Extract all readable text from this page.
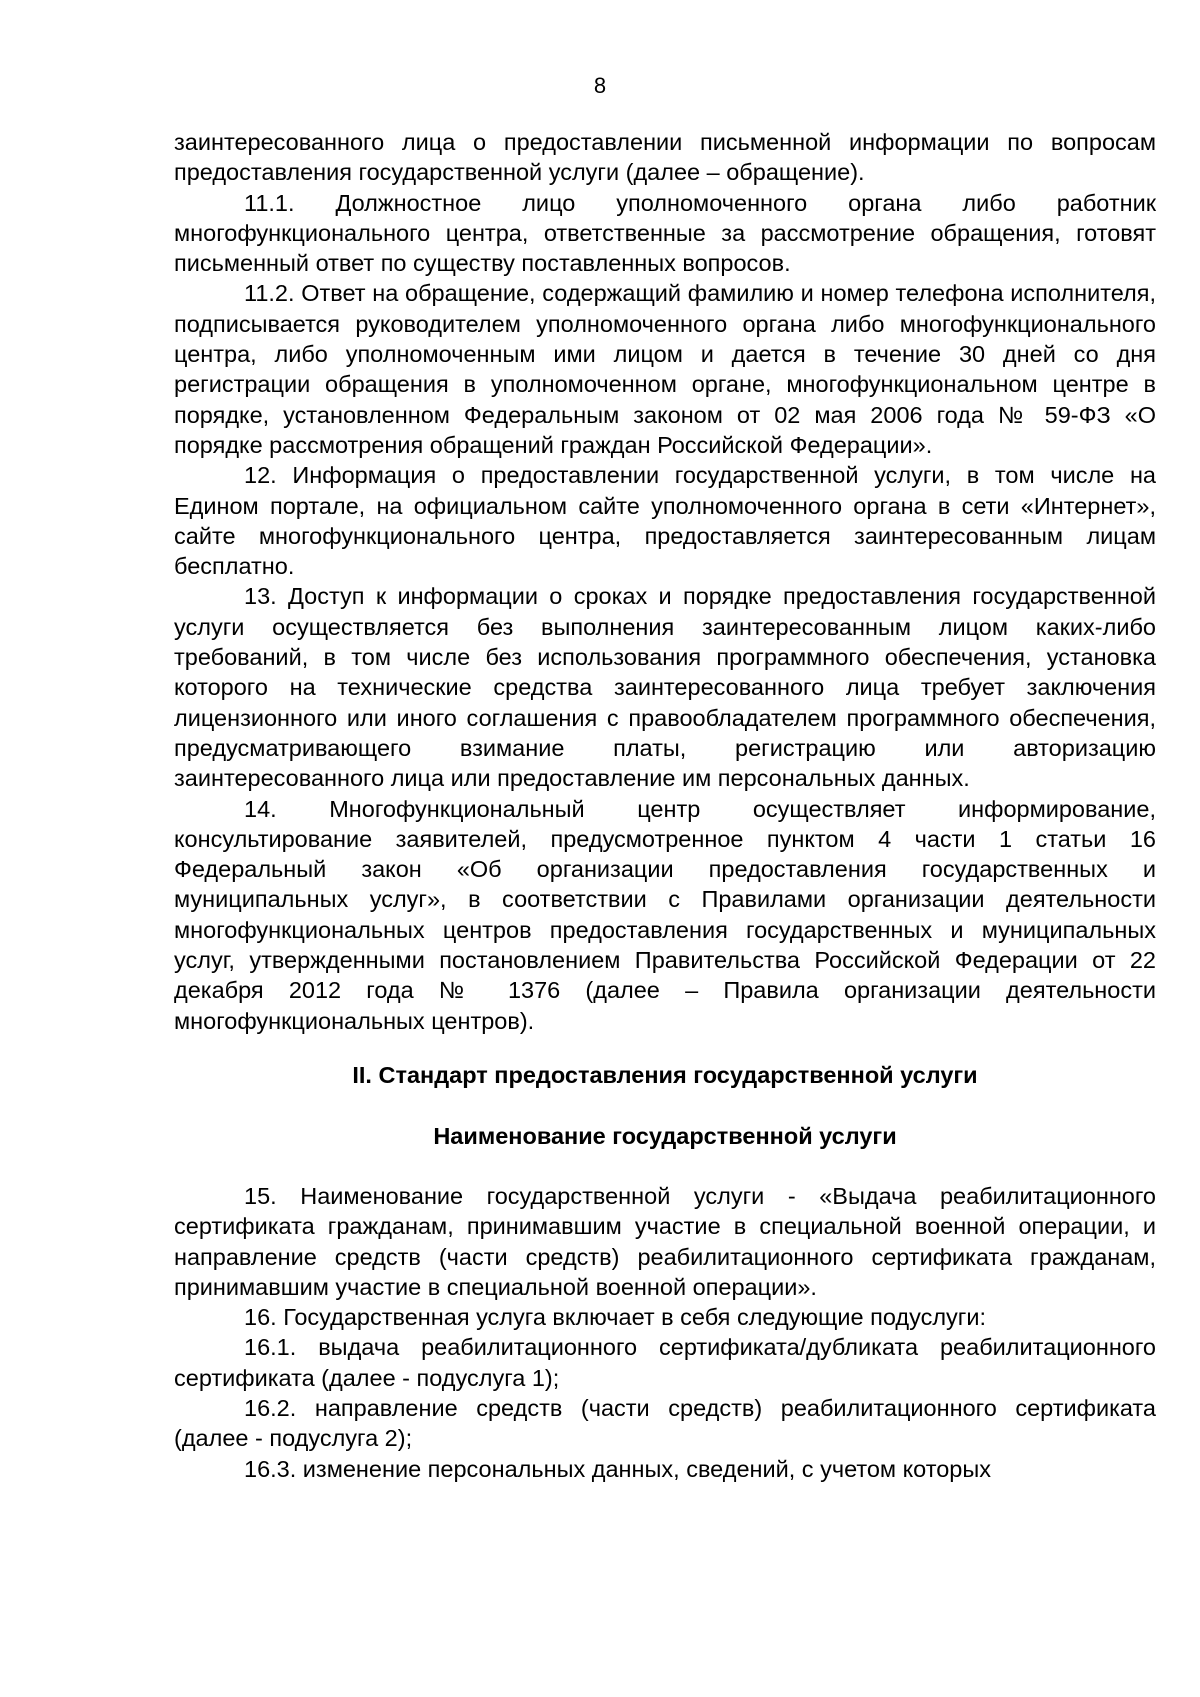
8

заинтересованного лица о предоставлении письменной информации по вопросам предоставления государственной услуги (далее – обращение).

11.1. Должностное лицо уполномоченного органа либо работник многофункционального центра, ответственные за рассмотрение обращения, готовят письменный ответ по существу поставленных вопросов.

11.2. Ответ на обращение, содержащий фамилию и номер телефона исполнителя, подписывается руководителем уполномоченного органа либо многофункционального центра, либо уполномоченным ими лицом и дается в течение 30 дней со дня регистрации обращения в уполномоченном органе, многофункциональном центре в порядке, установленном Федеральным законом от 02 мая 2006 года № 59-ФЗ «О порядке рассмотрения обращений граждан Российской Федерации».

12. Информация о предоставлении государственной услуги, в том числе на Едином портале, на официальном сайте уполномоченного органа в сети «Интернет», сайте многофункционального центра, предоставляется заинтересованным лицам бесплатно.

13. Доступ к информации о сроках и порядке предоставления государственной услуги осуществляется без выполнения заинтересованным лицом каких-либо требований, в том числе без использования программного обеспечения, установка которого на технические средства заинтересованного лица требует заключения лицензионного или иного соглашения с правообладателем программного обеспечения, предусматривающего взимание платы, регистрацию или авторизацию заинтересованного лица или предоставление им персональных данных.

14. Многофункциональный центр осуществляет информирование, консультирование заявителей, предусмотренное пунктом 4 части 1 статьи 16 Федеральный закон «Об организации предоставления государственных и муниципальных услуг», в соответствии с Правилами организации деятельности многофункциональных центров предоставления государственных и муниципальных услуг, утвержденными постановлением Правительства Российской Федерации от 22 декабря 2012 года № 1376 (далее – Правила организации деятельности многофункциональных центров).

II. Стандарт предоставления государственной услуги
Наименование государственной услуги

15. Наименование государственной услуги - «Выдача реабилитационного сертификата гражданам, принимавшим участие в специальной военной операции, и направление средств (части средств) реабилитационного сертификата гражданам, принимавшим участие в специальной военной операции».

16. Государственная услуга включает в себя следующие подуслуги:

16.1. выдача реабилитационного сертификата/дубликата реабилитационного сертификата (далее - подуслуга 1);

16.2. направление средств (части средств) реабилитационного сертификата (далее - подуслуга 2);

16.3. изменение персональных данных, сведений, с учетом которых
